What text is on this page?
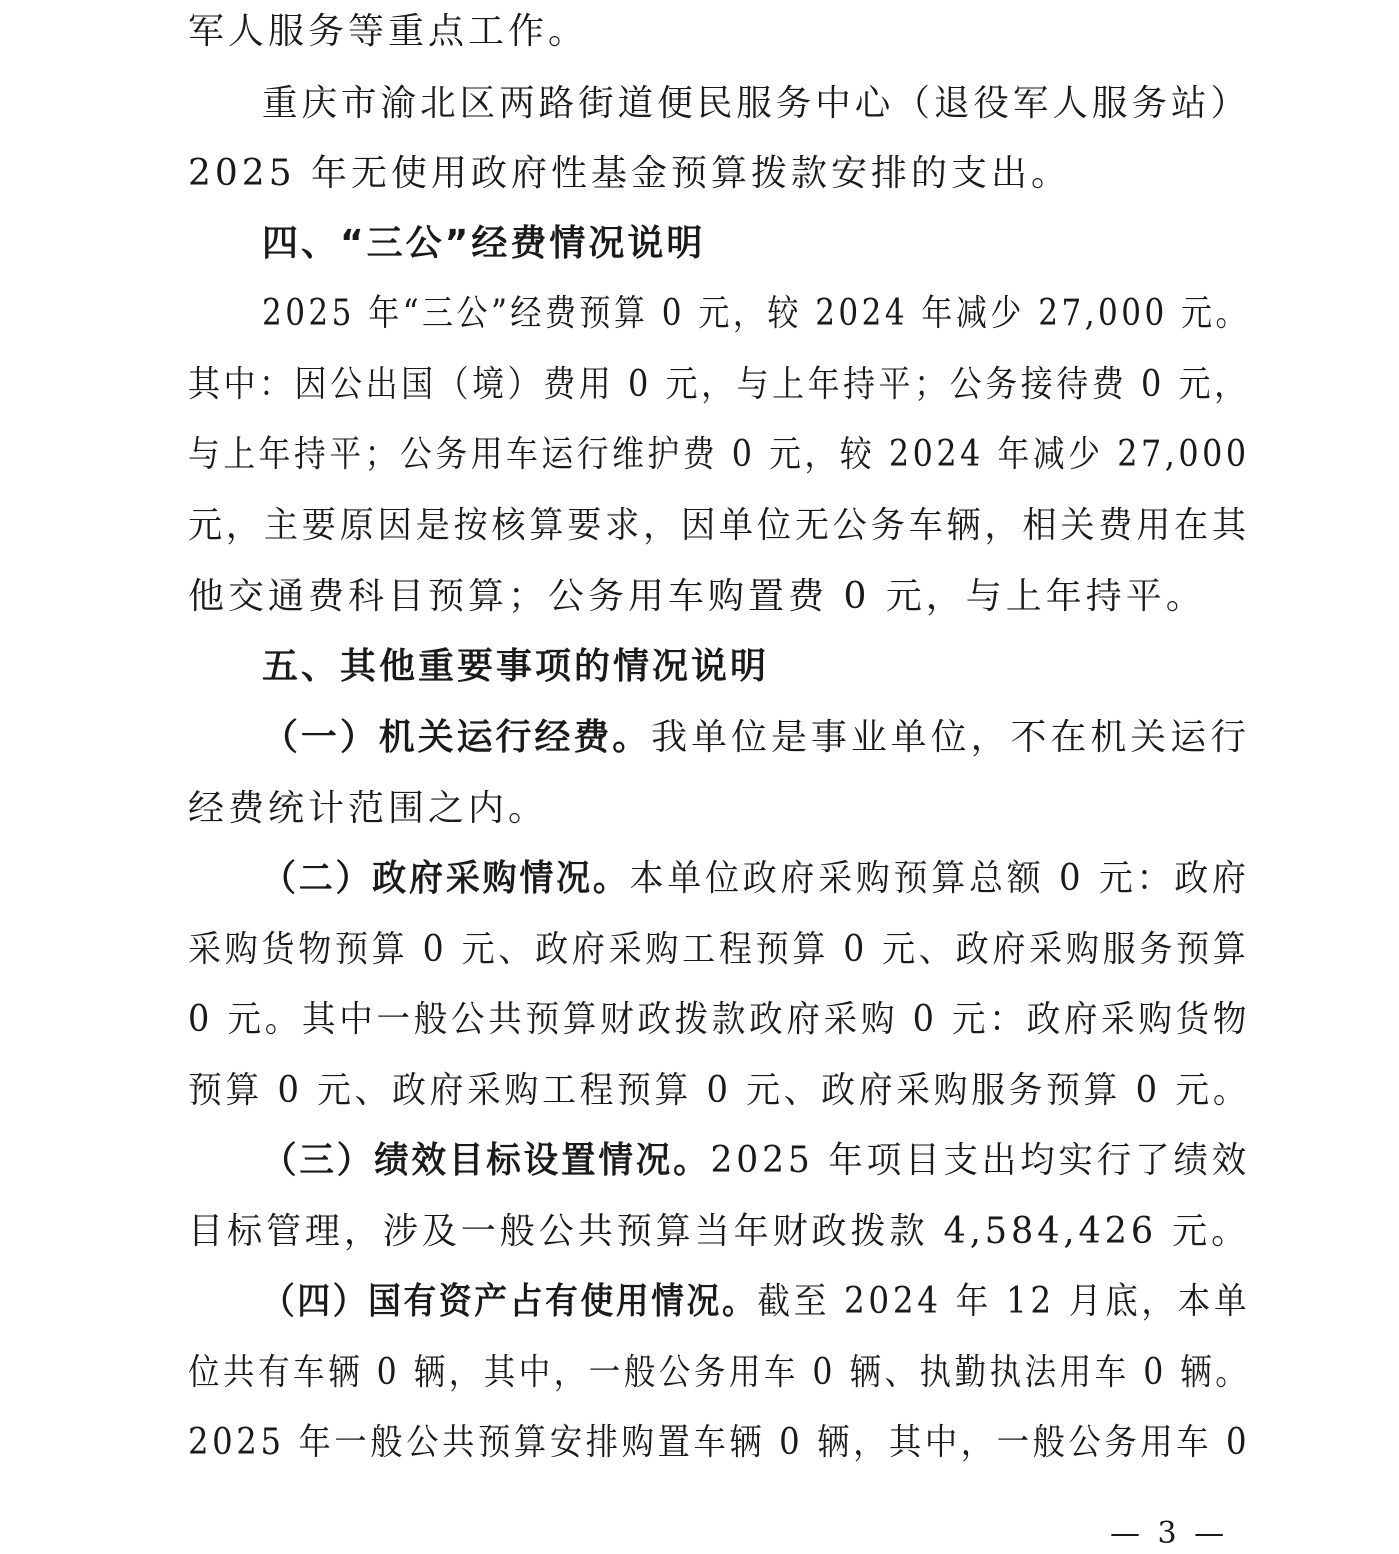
军人服务等重点工作。
重庆市渝北区两路街道便民服务中心（退役军人服务站）
2025 年无使用政府性基金预算拨款安排的支出。
四、“三公”经费情况说明
2025 年“三公”经费预算 0 元，较 2024 年减少 27,000 元。
其中：因公出国（境）费用 0 元，与上年持平；公务接待费 0 元，
与上年持平；公务用车运行维护费 0 元，较 2024 年减少 27,000
元，主要原因是按核算要求，因单位无公务车辆，相关费用在其
他交通费科目预算；公务用车购置费 0 元，与上年持平。
五、其他重要事项的情况说明
（一）机关运行经费。我单位是事业单位，不在机关运行
经费统计范围之内。
（二）政府采购情况。本单位政府采购预算总额 0 元：政府
采购货物预算 0 元、政府采购工程预算 0 元、政府采购服务预算
0 元。其中一般公共预算财政拨款政府采购 0 元：政府采购货物
预算 0 元、政府采购工程预算 0 元、政府采购服务预算 0 元。
（三）绩效目标设置情况。2025 年项目支出均实行了绩效
目标管理，涉及一般公共预算当年财政拨款 4,584,426 元。
（四）国有资产占有使用情况。截至 2024 年 12 月底，本单
位共有车辆 0 辆，其中，一般公务用车 0 辆、执勤执法用车 0 辆。
2025 年一般公共预算安排购置车辆 0 辆，其中，一般公务用车 0
— 3 —
